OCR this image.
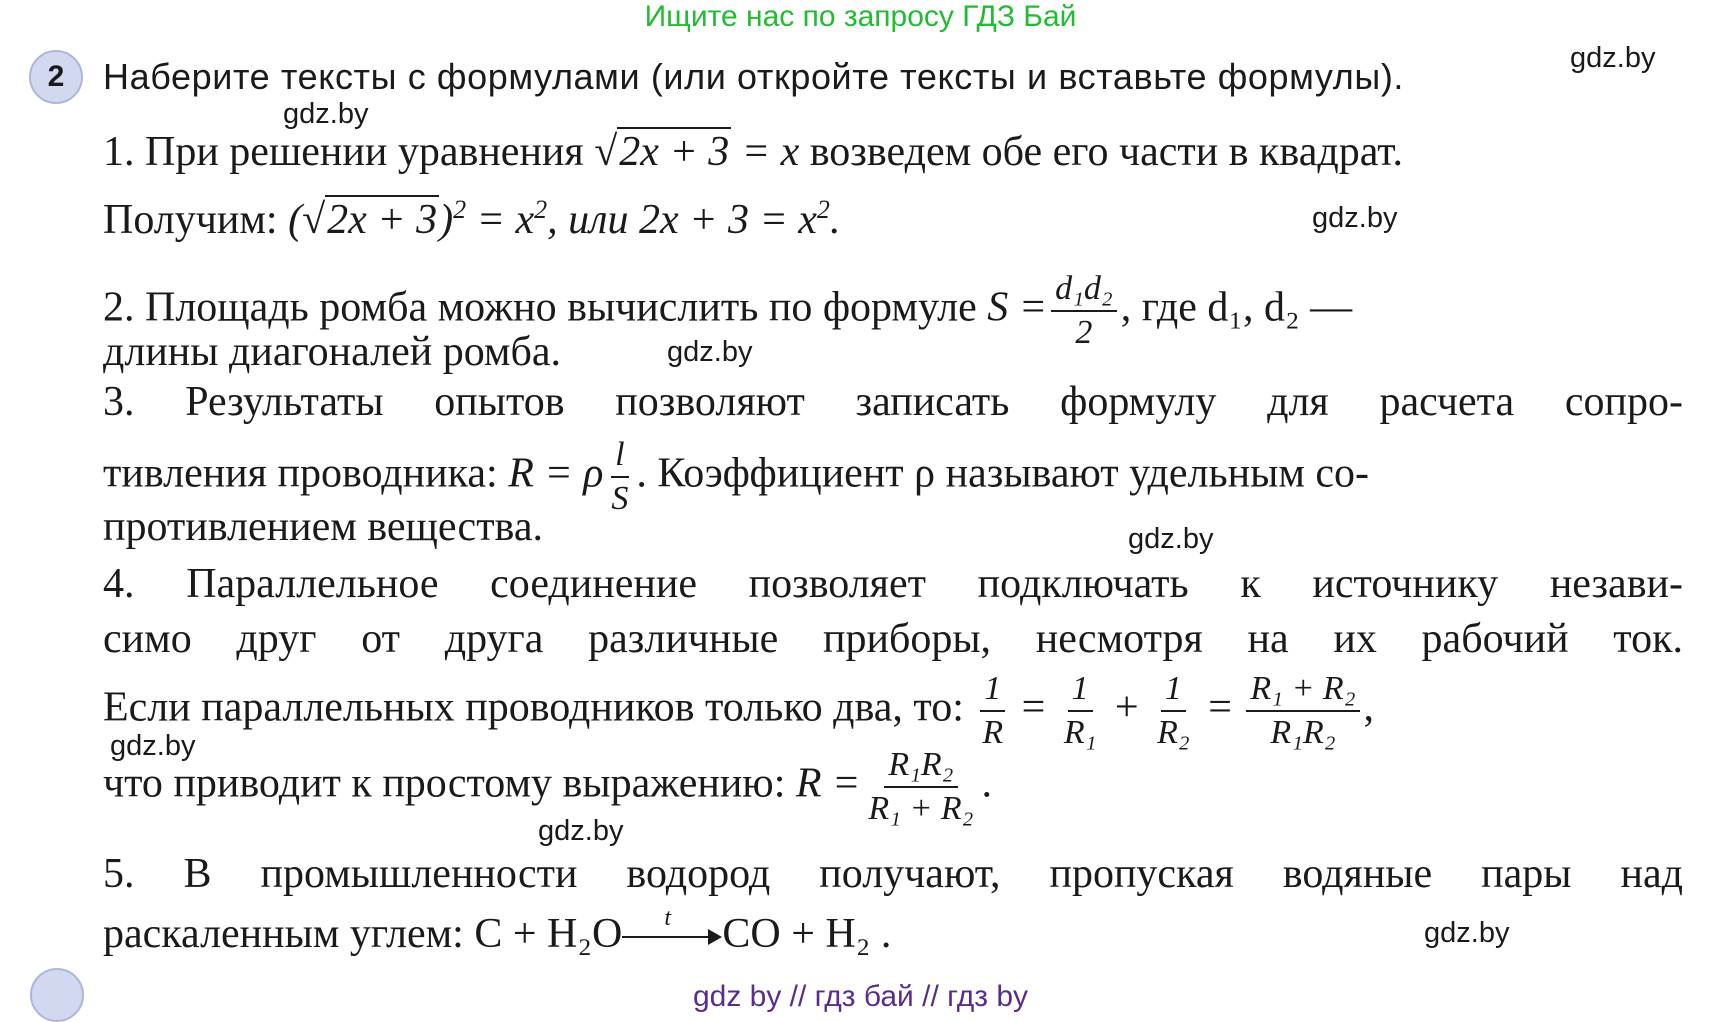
Ищите нас по запросу ГДЗ Бай
2	Наберите тексты с формулами (или откройте тексты и вставьте формулы).	gdz.by
gdz.by
gdz.by
gdz.by
gdz.by
gdz.by
gdz.by
gdz.by
1. При решении уравнения √2x + 3 = x возведем обе его части в квадрат.
Получим: $(√2x + 3)^2 = x^2$, или $2x + 3 = x^2$.
2. Площадь ромба можно вычислить по формуле $S = \frac{\text{d₁d₂}}{2}$ , где d₁, d₂ —
длины диагоналей ромба.
3. Результаты опытов позволяют записать формулу для расчета сопро-
тивления проводника: R = ρ $\frac{l}{S}$ . Коэффициент ρ называют удельным со-
противлением вещества.
4. Параллельное соединение позволяет подключать к источнику незави-
симо друг от друга различные приборы, несмотря на их рабочий ток.
Если параллельных проводников только два, то: $\frac{1}{R} = \frac{1}{\text{R₁}} + \frac{1}{\text{R₂}} = \frac{\text{R₁ + R₂}}{\text{R₁R₂}}$ ,
что приводит к простому выражению: $R = \frac{\text{R₁R₂}}{\text{R₁ + R₂}}$ .
5. В промышленности водород получают, пропуская водяные пары над
раскаленным углем: C + H₂O t CO + H₂ .
gdz by // гдз бай // гдз by
